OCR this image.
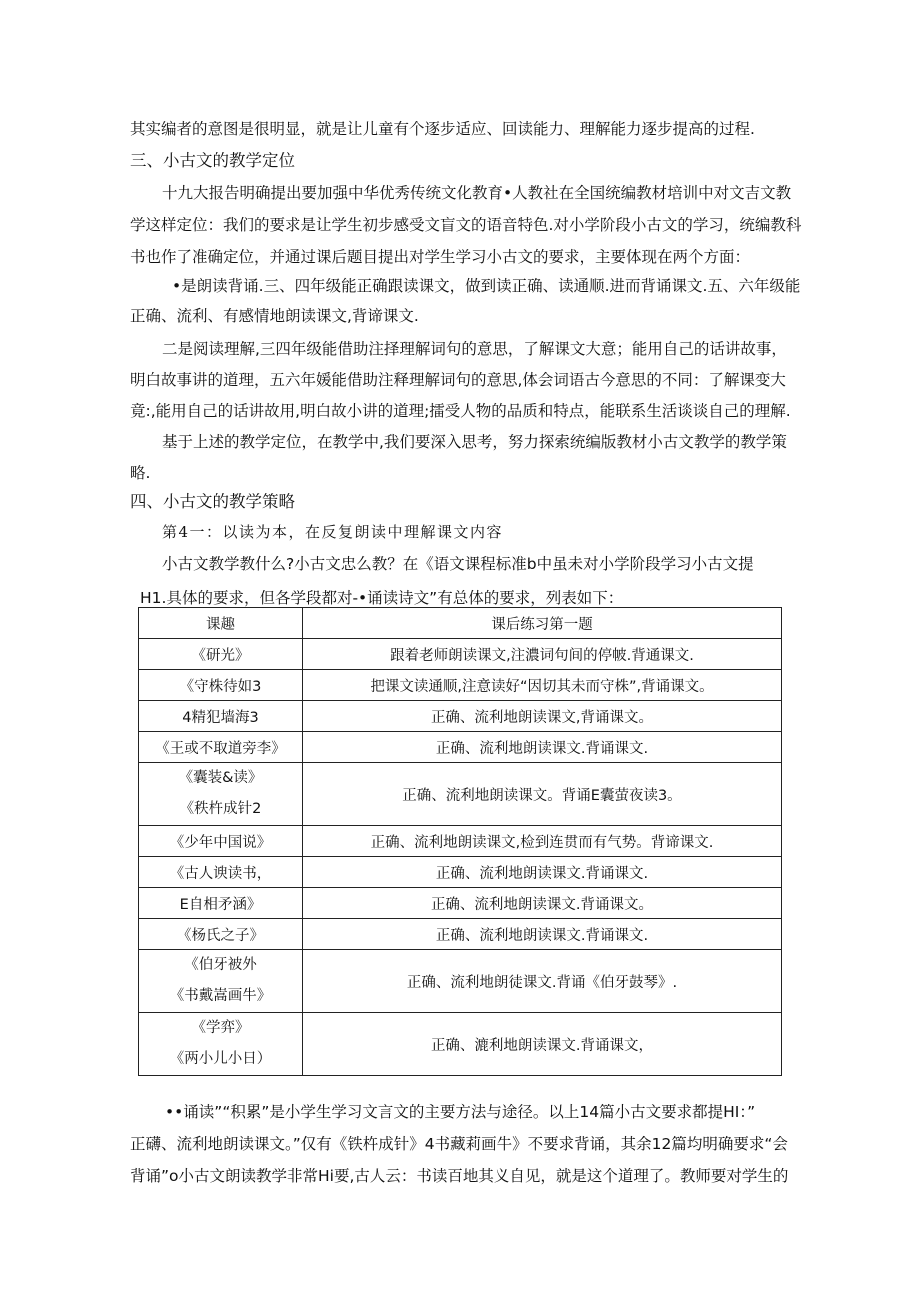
其实编者的意图是很明显，就是让儿童有个逐步适应、回读能力、理解能力逐步提高的过程.
三、小古文的教学定位
十九大报告明确提出要加强中华优秀传统文化教育•人教社在全国统编教材培训中对文吉文教
学这样定位：我们的要求是让学生初步感受文盲文的语音特色.对小学阶段小古文的学习，统编教科
书也作了准确定位，并通过课后题目提出对学生学习小古文的要求，主要体现在两个方面：
•是朗读背诵.三、四年级能正确跟读课文，做到读正确、读通顺.进而背诵课文.五、六年级能
正确、流利、有感情地朗读课文,背谛课文.
二是阅读理解,三四年级能借助注择理解词句的意思，了解课文大意；能用自己的话讲故事，
明白故事讲的道理，五六年媛能借助注释理解词句的意思,体会词语古今意思的不同：了解课变大
竟:,能用自己的话讲故用,明白故小讲的道理;擂受人物的品质和特点，能联系生活谈谈自己的理解.
基于上述的教学定位，在教学中,我们要深入思考，努力探索统编版教材小古文教学的教学策
略.
四、小古文的教学策略
第4一：以读为本，在反复朗读中理解课文内容
小古文教学教什么?小古文忠么教？在《语文课程标准b中虽未对小学阶段学习小古文提
H1.具体的要求，但各学段都对-•诵读诗文”有总体的要求，列表如下：
课趣	课后练习第一题
《研光》	跟着老师朗读课文,注濃词句间的停帔.背通课文.
《守株待如3	把课文读通顺,注意读好“因切其未而守株”,背诵课文。
4精犯墙海3	正确、流利地朗读课文,背诵课文。
《王或不取道旁李》	正确、流利地朗读课文.背诵课文.

《囊装&读》
《秩杵成针2	正确、流利地朗读课文。背诵E囊萤夜读3。
《少年中国说》	正确、流利地朗读课文,检到连贯而有气势。背谛课文.
《古人谀读书，	正确、流利地朗读课文.背诵课文.
E自相矛涵》	正确、流利地朗读课文.背诵课文。
《杨氏之子》	正确、流利地朗读课文.背诵课文.

《伯牙被外
《书戴嵩画牛》	正确、流利地朗徒课文.背诵《伯牙鼓琴》.

《学弈》
《两小儿小日）	正确、漉利地朗读课文.背诵课文，
••诵读”“积累”是小学生学习文言文的主要方法与途径。以上14篇小古文要求都提HI：”
正礴、流利地朗读课文。”仅有《铁杵成针》4书藏莉画牛》不要求背诵，其余12篇均明确要求“会
背诵”o小古文朗读教学非常Hi要,古人云：书读百地其义自见，就是这个道理了。教师要对学生的
